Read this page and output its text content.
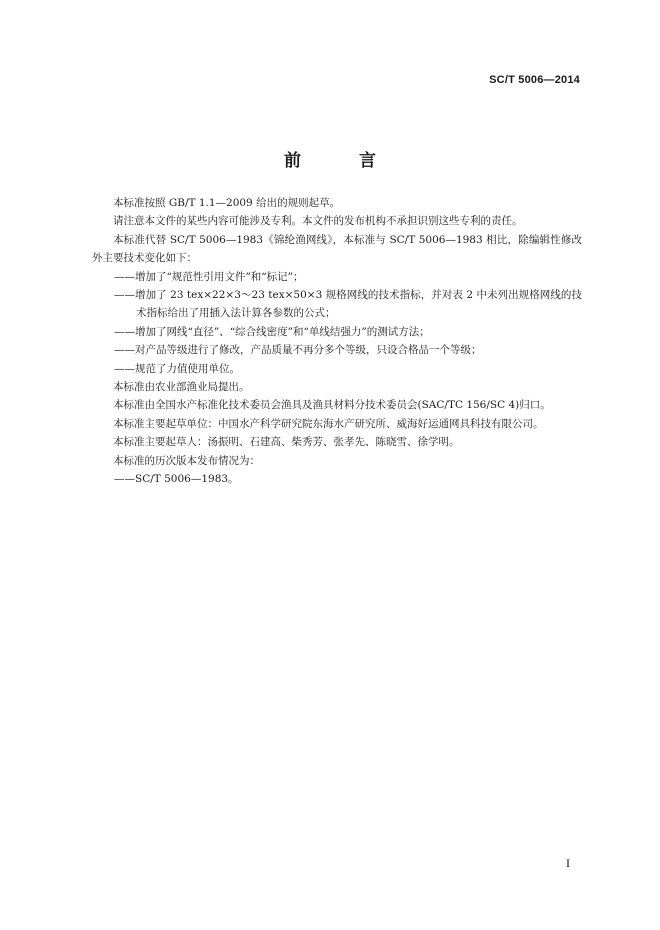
SC/T 5006—2014
前 言

本标准按照 GB/T 1.1—2009 给出的规则起草。

请注意本文件的某些内容可能涉及专利。本文件的发布机构不承担识别这些专利的责任。

本标准代替 SC/T 5006—1983《锦纶渔网线》，本标准与 SC/T 5006—1983 相比，除编辑性修改外主要技术变化如下：

——增加了“规范性引用文件”和“标记”；

——增加了 23 tex×22×3～23 tex×50×3 规格网线的技术指标，并对表 2 中未列出规格网线的技术指标给出了用插入法计算各参数的公式；

——增加了网线“直径”、“综合线密度”和“单线结强力”的测试方法；

——对产品等级进行了修改，产品质量不再分多个等级，只设合格品一个等级；

——规范了力值使用单位。

本标准由农业部渔业局提出。

本标准由全国水产标准化技术委员会渔具及渔具材料分技术委员会(SAC/TC 156/SC 4)归口。

本标准主要起草单位：中国水产科学研究院东海水产研究所、威海好运通网具科技有限公司。

本标准主要起草人：汤振明、石建高、柴秀芳、张孝先、陈晓雪、徐学明。

本标准的历次版本发布情况为：

——SC/T 5006—1983。

I
